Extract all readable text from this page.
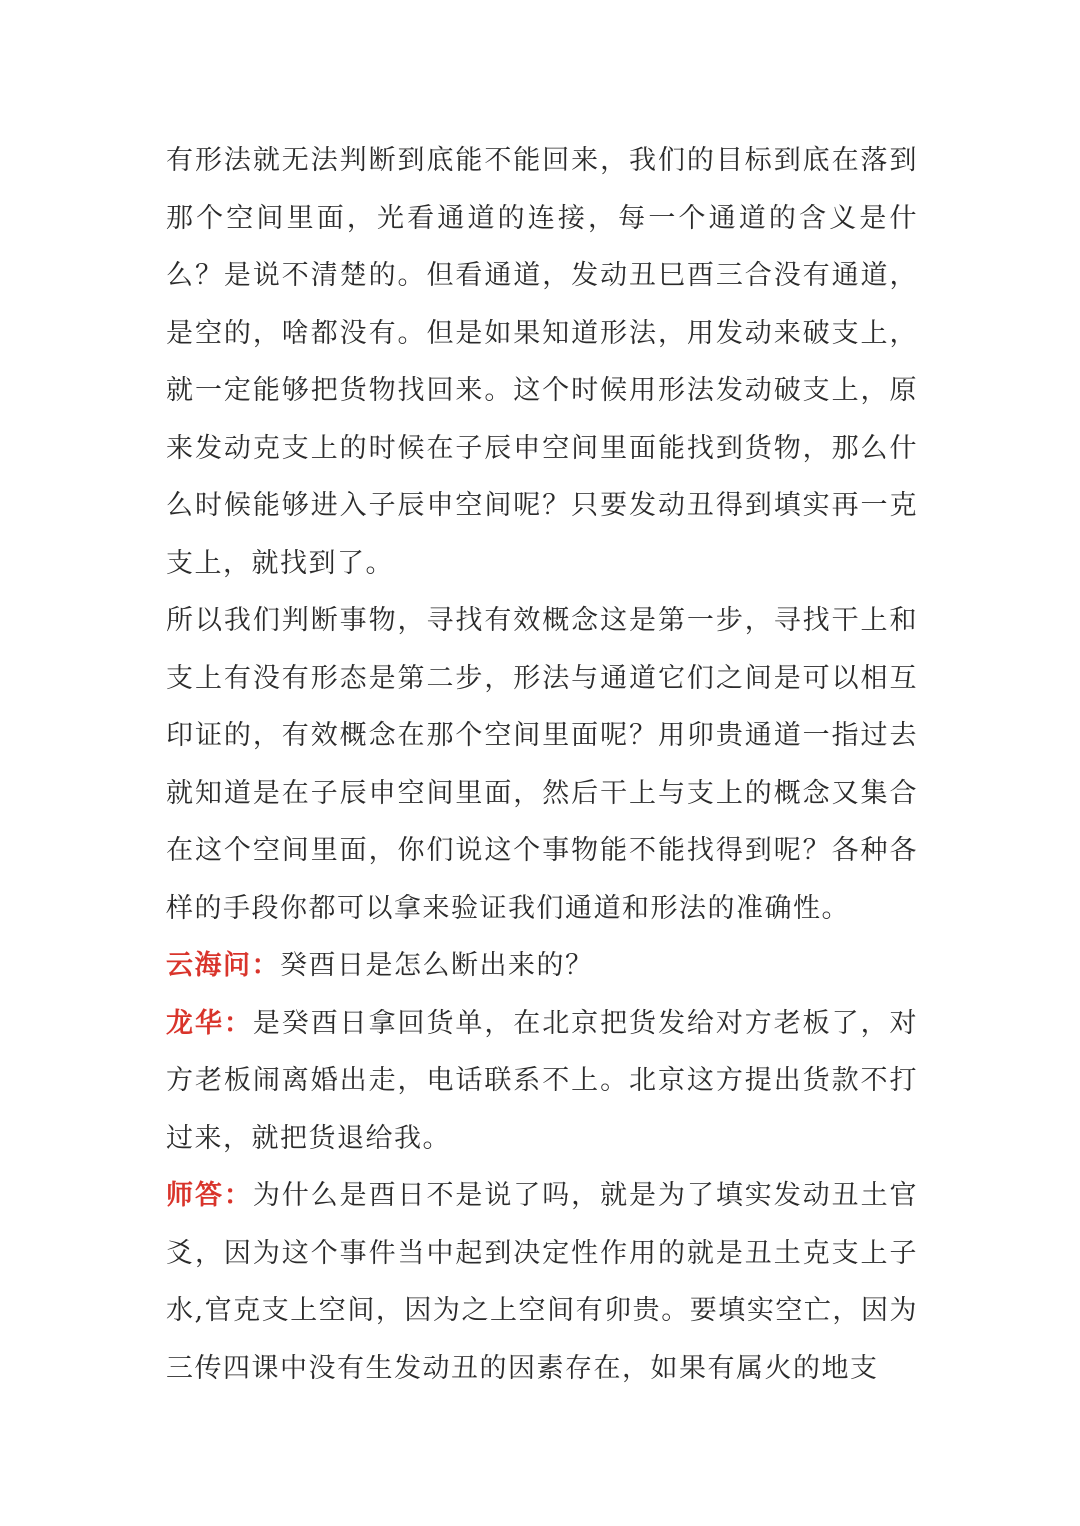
有形法就无法判断到底能不能回来，我们的目标到底在落到那个空间里面，光看通道的连接，每一个通道的含义是什么？是说不清楚的。但看通道，发动丑巳酉三合没有通道，是空的，啥都没有。但是如果知道形法，用发动来破支上，就一定能够把货物找回来。这个时候用形法发动破支上，原来发动克支上的时候在子辰申空间里面能找到货物，那么什么时候能够进入子辰申空间呢？只要发动丑得到填实再一克支上，就找到了。

所以我们判断事物，寻找有效概念这是第一步，寻找干上和支上有没有形态是第二步，形法与通道它们之间是可以相互印证的，有效概念在那个空间里面呢？用卯贵通道一指过去就知道是在子辰申空间里面，然后干上与支上的概念又集合在这个空间里面，你们说这个事物能不能找得到呢？各种各样的手段你都可以拿来验证我们通道和形法的准确性。

云海问：癸酉日是怎么断出来的？

龙华：是癸酉日拿回货单，在北京把货发给对方老板了，对方老板闹离婚出走，电话联系不上。北京这方提出货款不打过来，就把货退给我。

师答：为什么是酉日不是说了吗，就是为了填实发动丑土官爻，因为这个事件当中起到决定性作用的就是丑土克支上子水,官克支上空间，因为之上空间有卯贵。要填实空亡，因为三传四课中没有生发动丑的因素存在，如果有属火的地支
